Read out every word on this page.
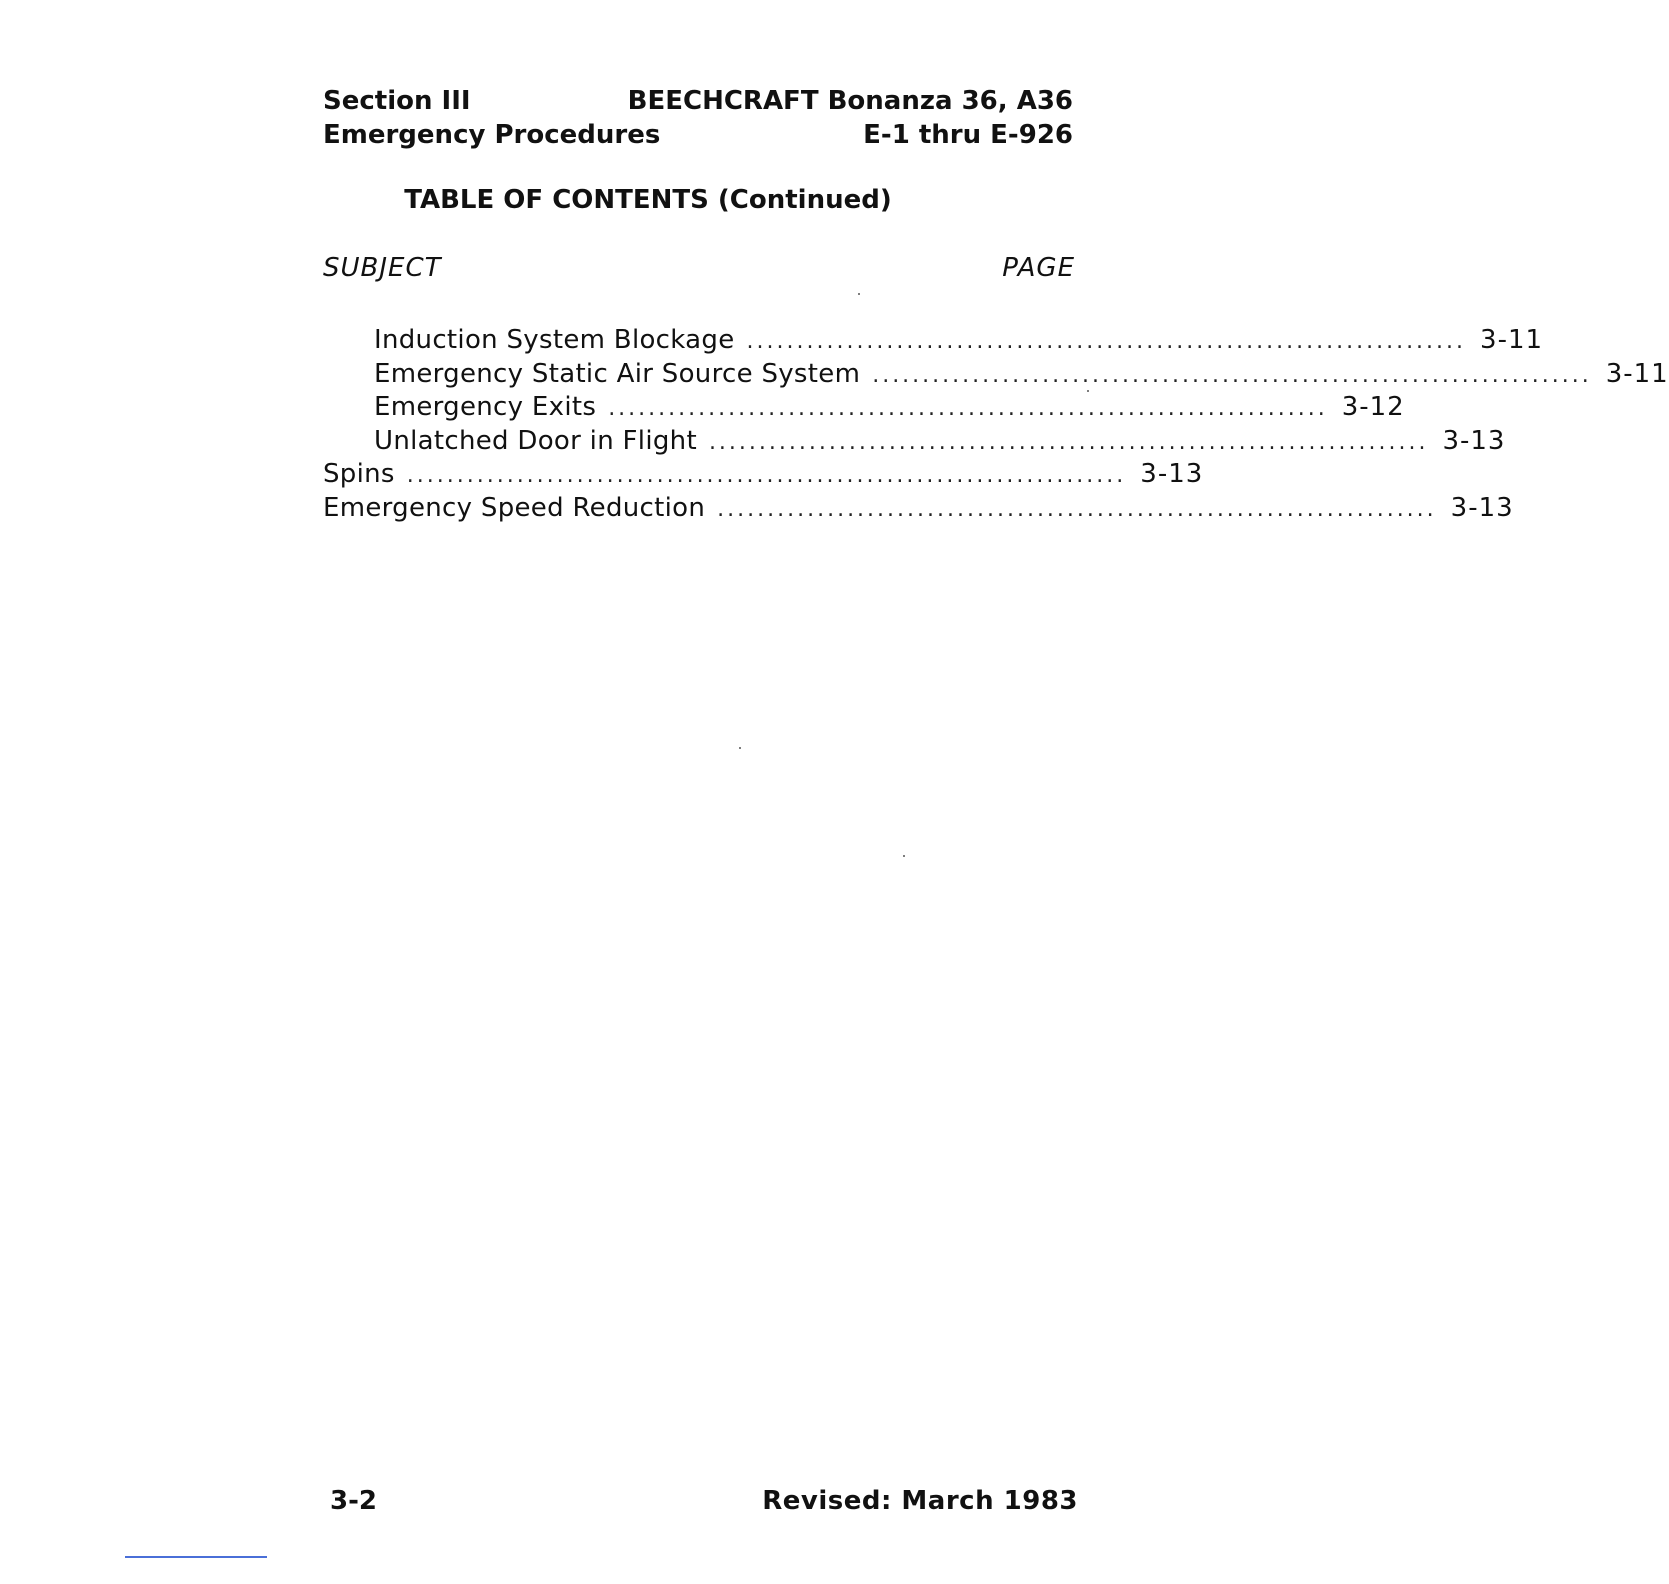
Section III	BEECHCRAFT Bonanza 36, A36
Emergency Procedures	E-1 thru E-926
TABLE OF CONTENTS (Continued)
SUBJECT	PAGE
Induction System Blockage ........................................................................ 3-11
Emergency Static Air Source System ........................................................................ 3-11
Emergency Exits ........................................................................ 3-12
Unlatched Door in Flight ........................................................................ 3-13
Spins ........................................................................ 3-13
Emergency Speed Reduction ........................................................................ 3-13
3-2	Revised: March 1983
